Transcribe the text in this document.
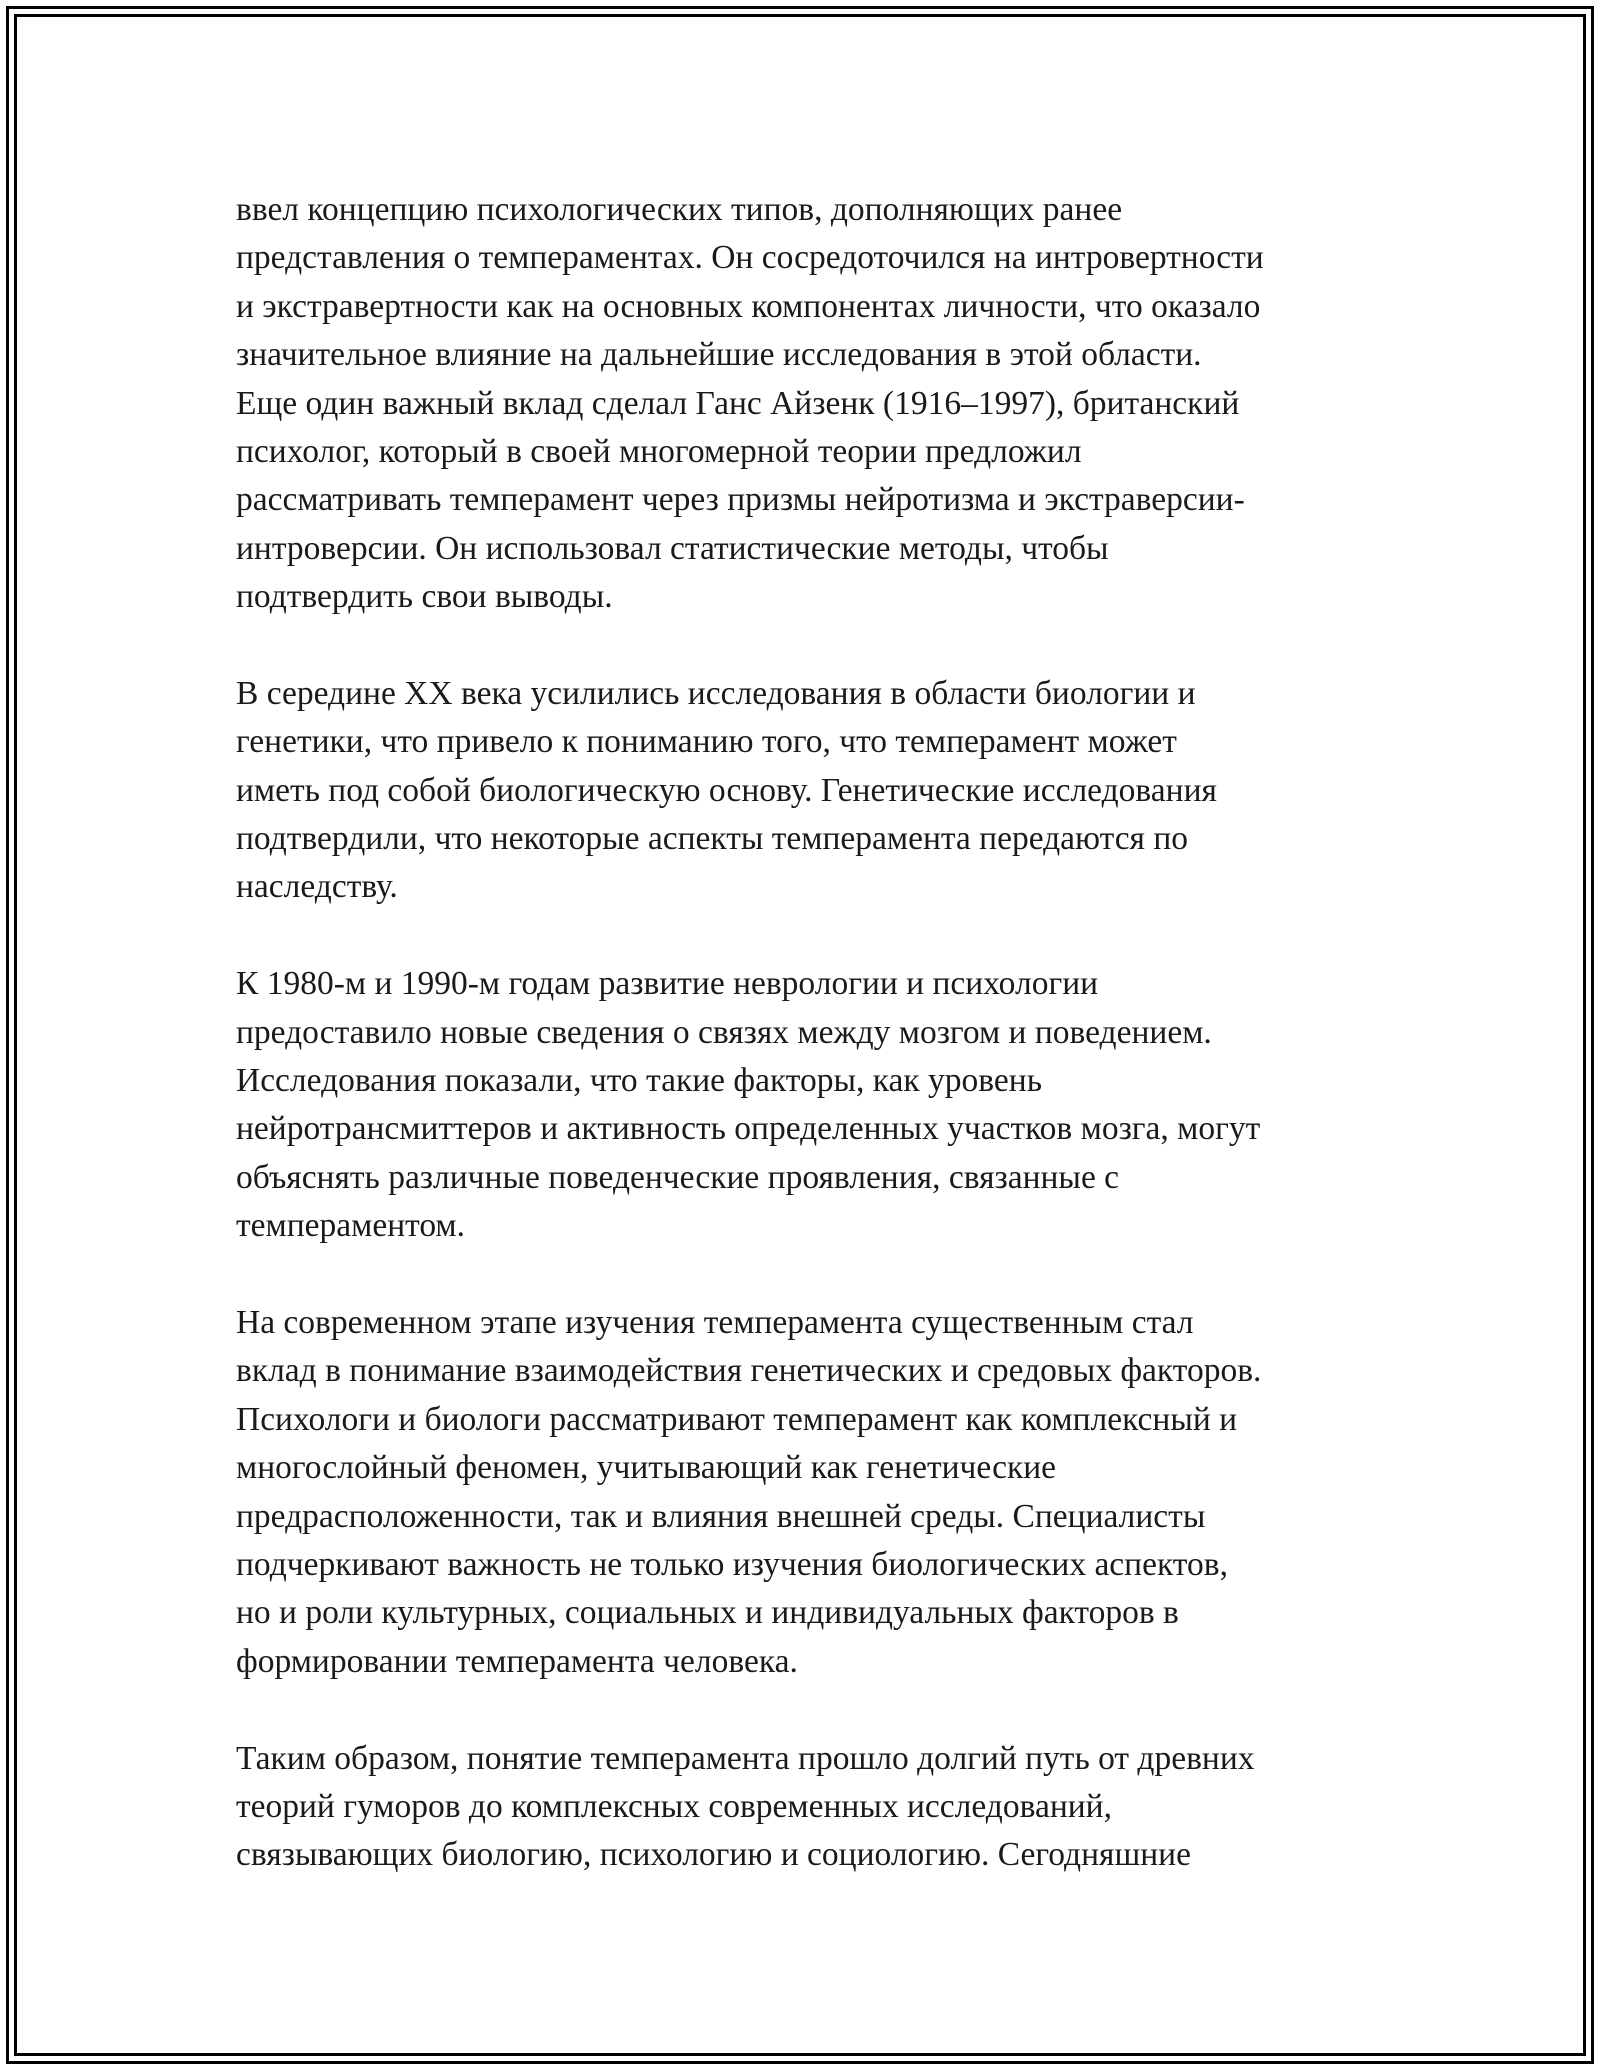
ввел концепцию психологических типов, дополняющих ранее
представления о темпераментах. Он сосредоточился на интровертности
и экстравертности как на основных компонентах личности, что оказало
значительное влияние на дальнейшие исследования в этой области.
Еще один важный вклад сделал Ганс Айзенк (1916–1997), британский
психолог, который в своей многомерной теории предложил
рассматривать темперамент через призмы нейротизма и экстраверсии-
интроверсии. Он использовал статистические методы, чтобы
подтвердить свои выводы.
В середине XX века усилились исследования в области биологии и
генетики, что привело к пониманию того, что темперамент может
иметь под собой биологическую основу. Генетические исследования
подтвердили, что некоторые аспекты темперамента передаются по
наследству.
К 1980-м и 1990-м годам развитие неврологии и психологии
предоставило новые сведения о связях между мозгом и поведением.
Исследования показали, что такие факторы, как уровень
нейротрансмиттеров и активность определенных участков мозга, могут
объяснять различные поведенческие проявления, связанные с
темпераментом.
На современном этапе изучения темперамента существенным стал
вклад в понимание взаимодействия генетических и средовых факторов.
Психологи и биологи рассматривают темперамент как комплексный и
многослойный феномен, учитывающий как генетические
предрасположенности, так и влияния внешней среды. Специалисты
подчеркивают важность не только изучения биологических аспектов,
но и роли культурных, социальных и индивидуальных факторов в
формировании темперамента человека.
Таким образом, понятие темперамента прошло долгий путь от древних
теорий гуморов до комплексных современных исследований,
связывающих биологию, психологию и социологию. Сегодняшние
